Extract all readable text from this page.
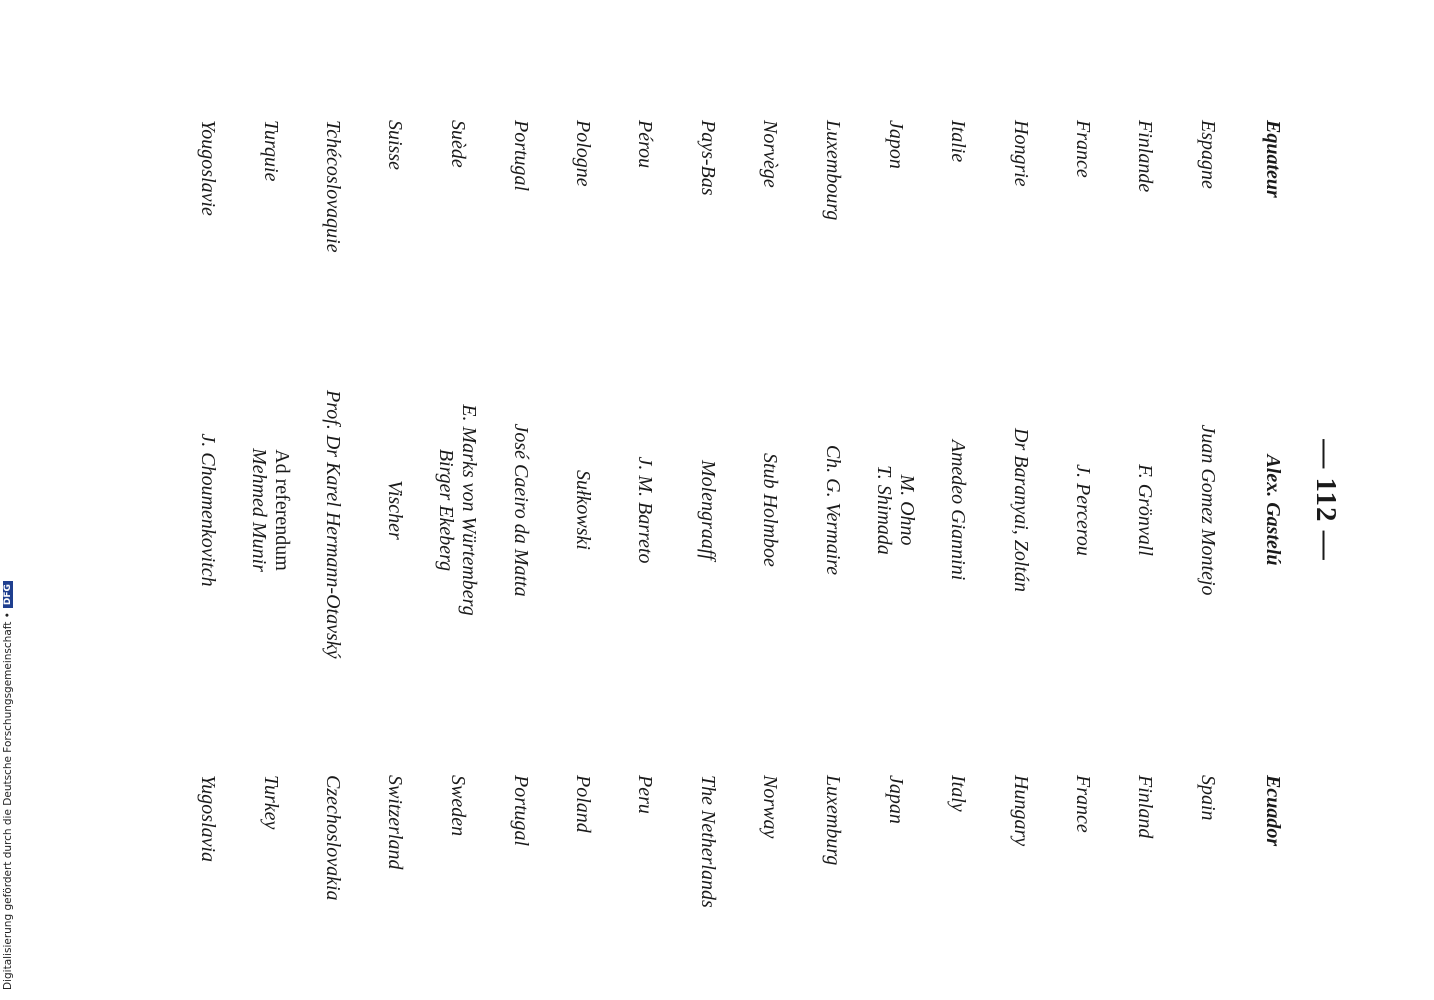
— 112 —
Equateur
Alex. Gastelú
Ecuador
Espagne
Juan Gomez Montejo
Spain
Finlande
F. Grönvall
Finland
France
J. Percerou
France
Hongrie
Dr Baranyai, Zoltán
Hungary
Italie
Amedeo Giannini
Italy
Japon
M. Ohno
T. Shimada
Japan
Luxembourg
Ch. G. Vermaire
Luxemburg
Norvège
Stub Holmboe
Norway
Pays-Bas
Molengraaff
The Netherlands
Pérou
J. M. Barreto
Peru
Pologne
Sułkowski
Poland
Portugal
José Caeiro da Matta
Portugal
Suède
E. Marks von Würtemberg
Birger Ekeberg
Sweden
Suisse
Vischer
Switzerland
Tchécoslovaquie
Prof. Dr Karel Hermann-Otavský
Czechoslovakia
Turquie
Ad referendum
Mehmed Munir
Turkey
Yougoslavie
J. Choumenkovitch
Yugoslavia
Digitalisierung gefördert durch die Deutsche Forschungsgemeinschaft •DFG
